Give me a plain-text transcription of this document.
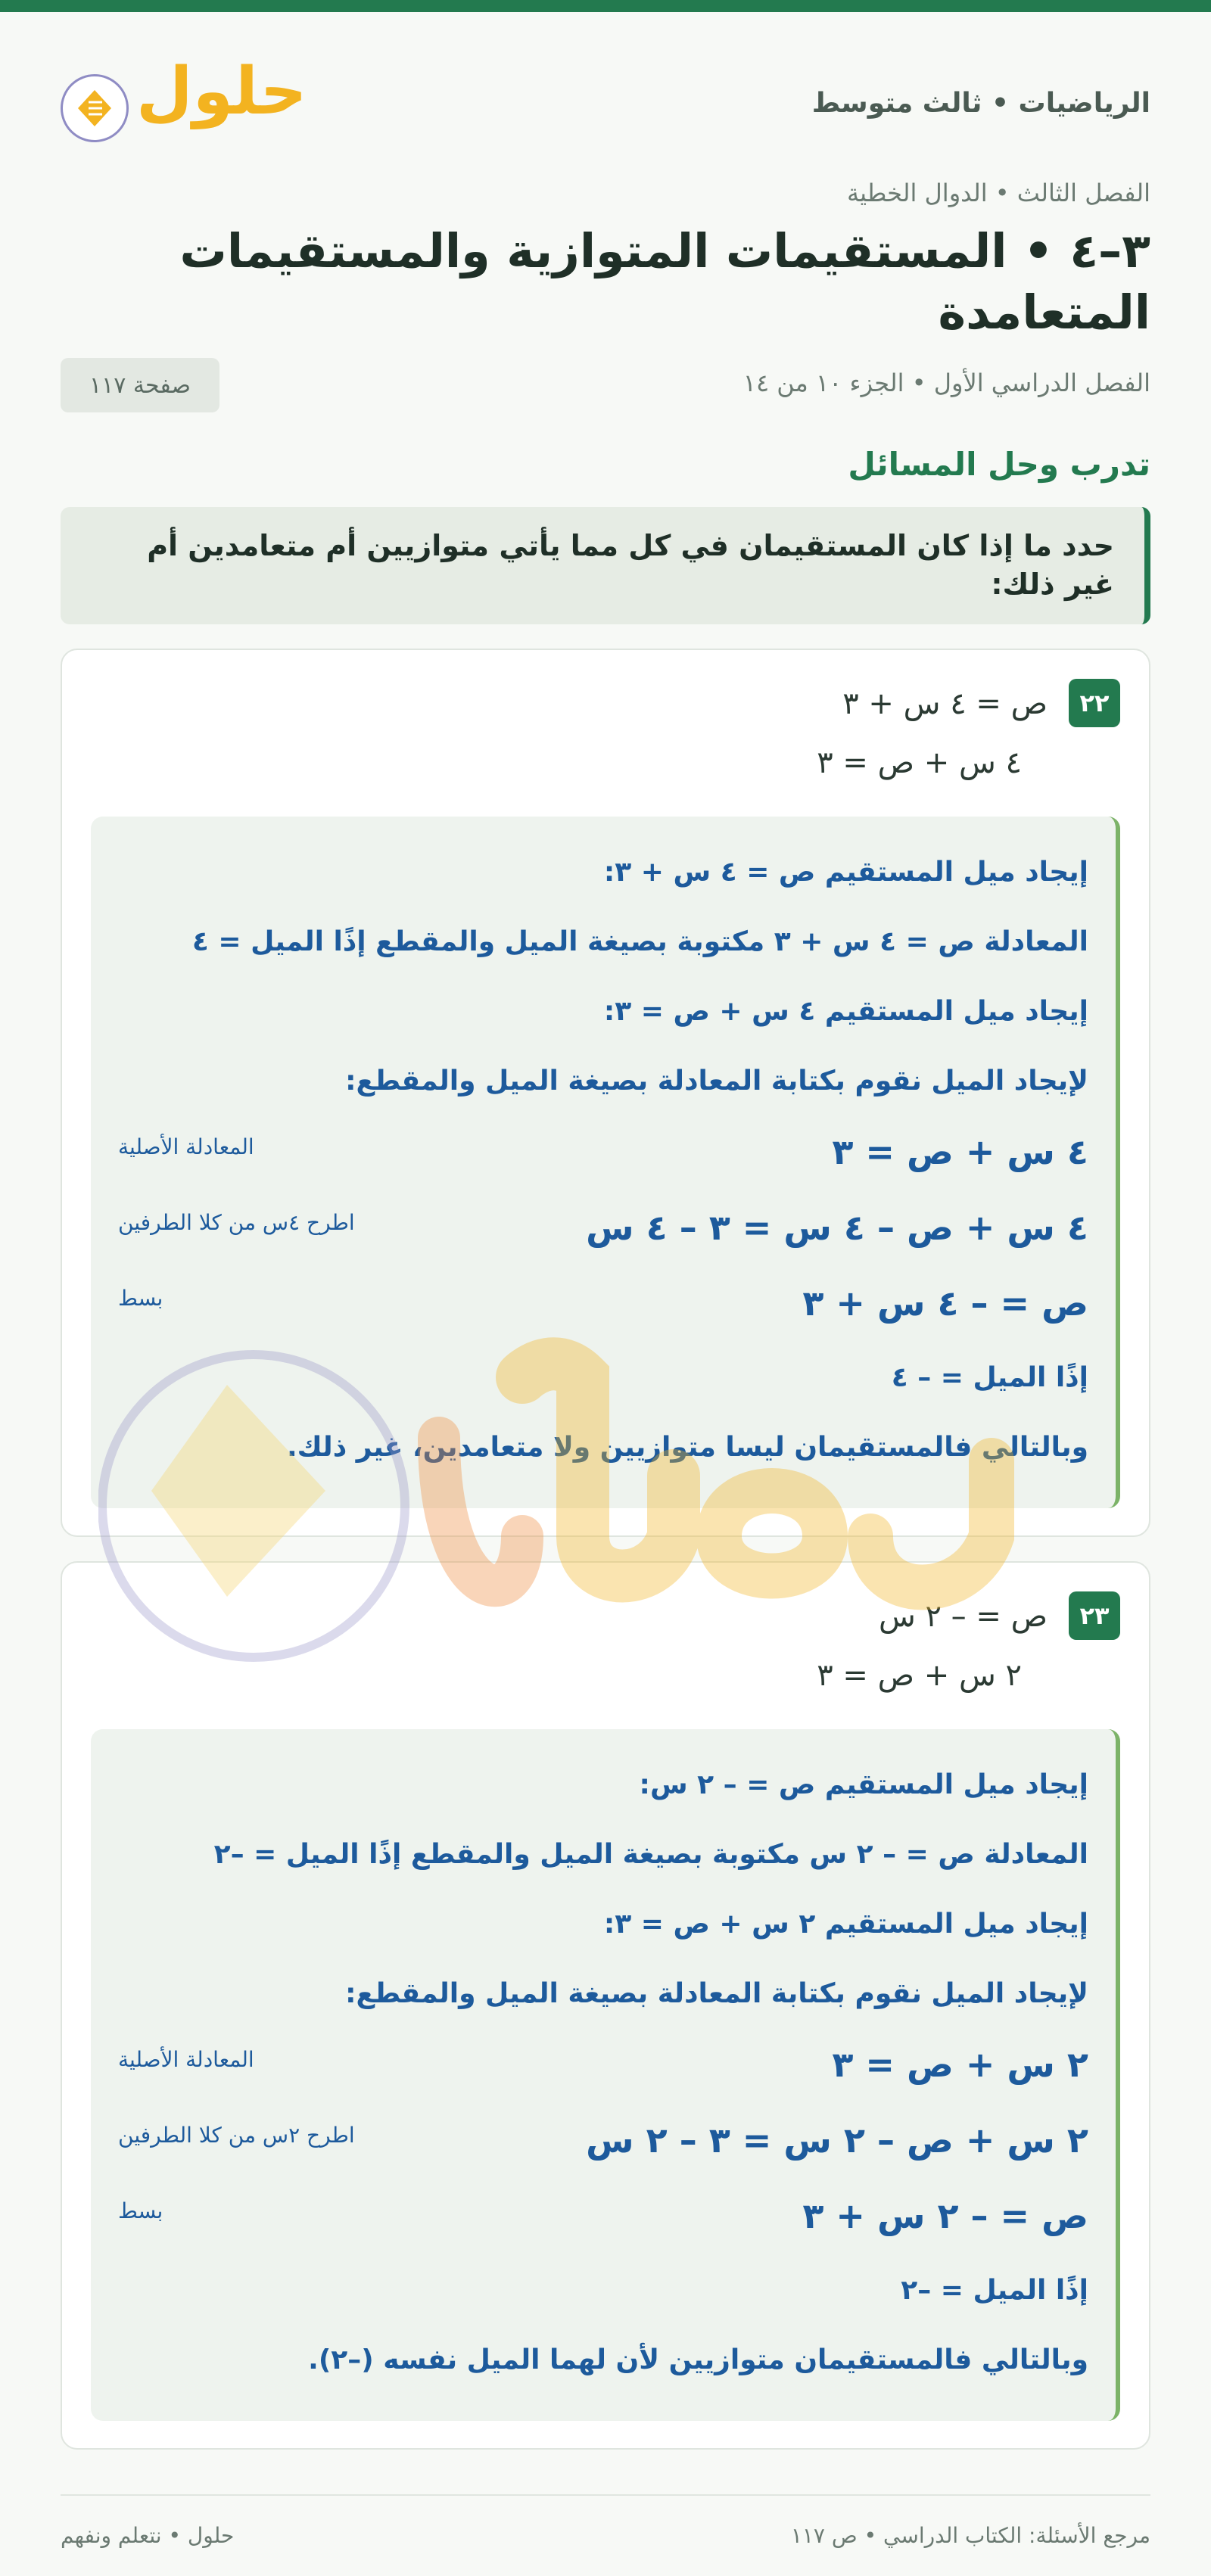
الرياضيات • ثالث متوسط
حلول
الفصل الثالث • الدوال الخطية
٣–٤ • المستقيمات المتوازية والمستقيمات المتعامدة
الفصل الدراسي الأول • الجزء ١٠ من ١٤
صفحة ١١٧
تدرب وحل المسائل
حدد ما إذا كان المستقيمان في كل مما يأتي متوازيين أم متعامدين أم غير ذلك:
٢٢
ص = ٤ س + ٣
٤ س + ص = ٣
إيجاد ميل المستقيم ص = ٤ س + ٣:
المعادلة ص = ٤ س + ٣ مكتوبة بصيغة الميل والمقطع إذًا الميل = ٤
إيجاد ميل المستقيم ٤ س + ص = ٣:
لإيجاد الميل نقوم بكتابة المعادلة بصيغة الميل والمقطع:
٤ س + ص = ٣
المعادلة الأصلية
٤ س + ص – ٤ س = ٣ – ٤ س
اطرح ٤س من كلا الطرفين
ص = – ٤ س + ٣
بسط
إذًا الميل = – ٤
وبالتالي فالمستقيمان ليسا متوازيين ولا متعامدين، غير ذلك.
٢٣
ص = – ٢ س
٢ س + ص = ٣
إيجاد ميل المستقيم ص = – ٢ س:
المعادلة ص = – ٢ س مكتوبة بصيغة الميل والمقطع إذًا الميل = –٢
إيجاد ميل المستقيم ٢ س + ص = ٣:
لإيجاد الميل نقوم بكتابة المعادلة بصيغة الميل والمقطع:
٢ س + ص = ٣
المعادلة الأصلية
٢ س + ص – ٢ س = ٣ – ٢ س
اطرح ٢س من كلا الطرفين
ص = – ٢ س + ٣
بسط
إذًا الميل = –٢
وبالتالي فالمستقيمان متوازيين لأن لهما الميل نفسه (–٢).
مرجع الأسئلة: الكتاب الدراسي • ص ١١٧
حلول • نتعلم ونفهم
